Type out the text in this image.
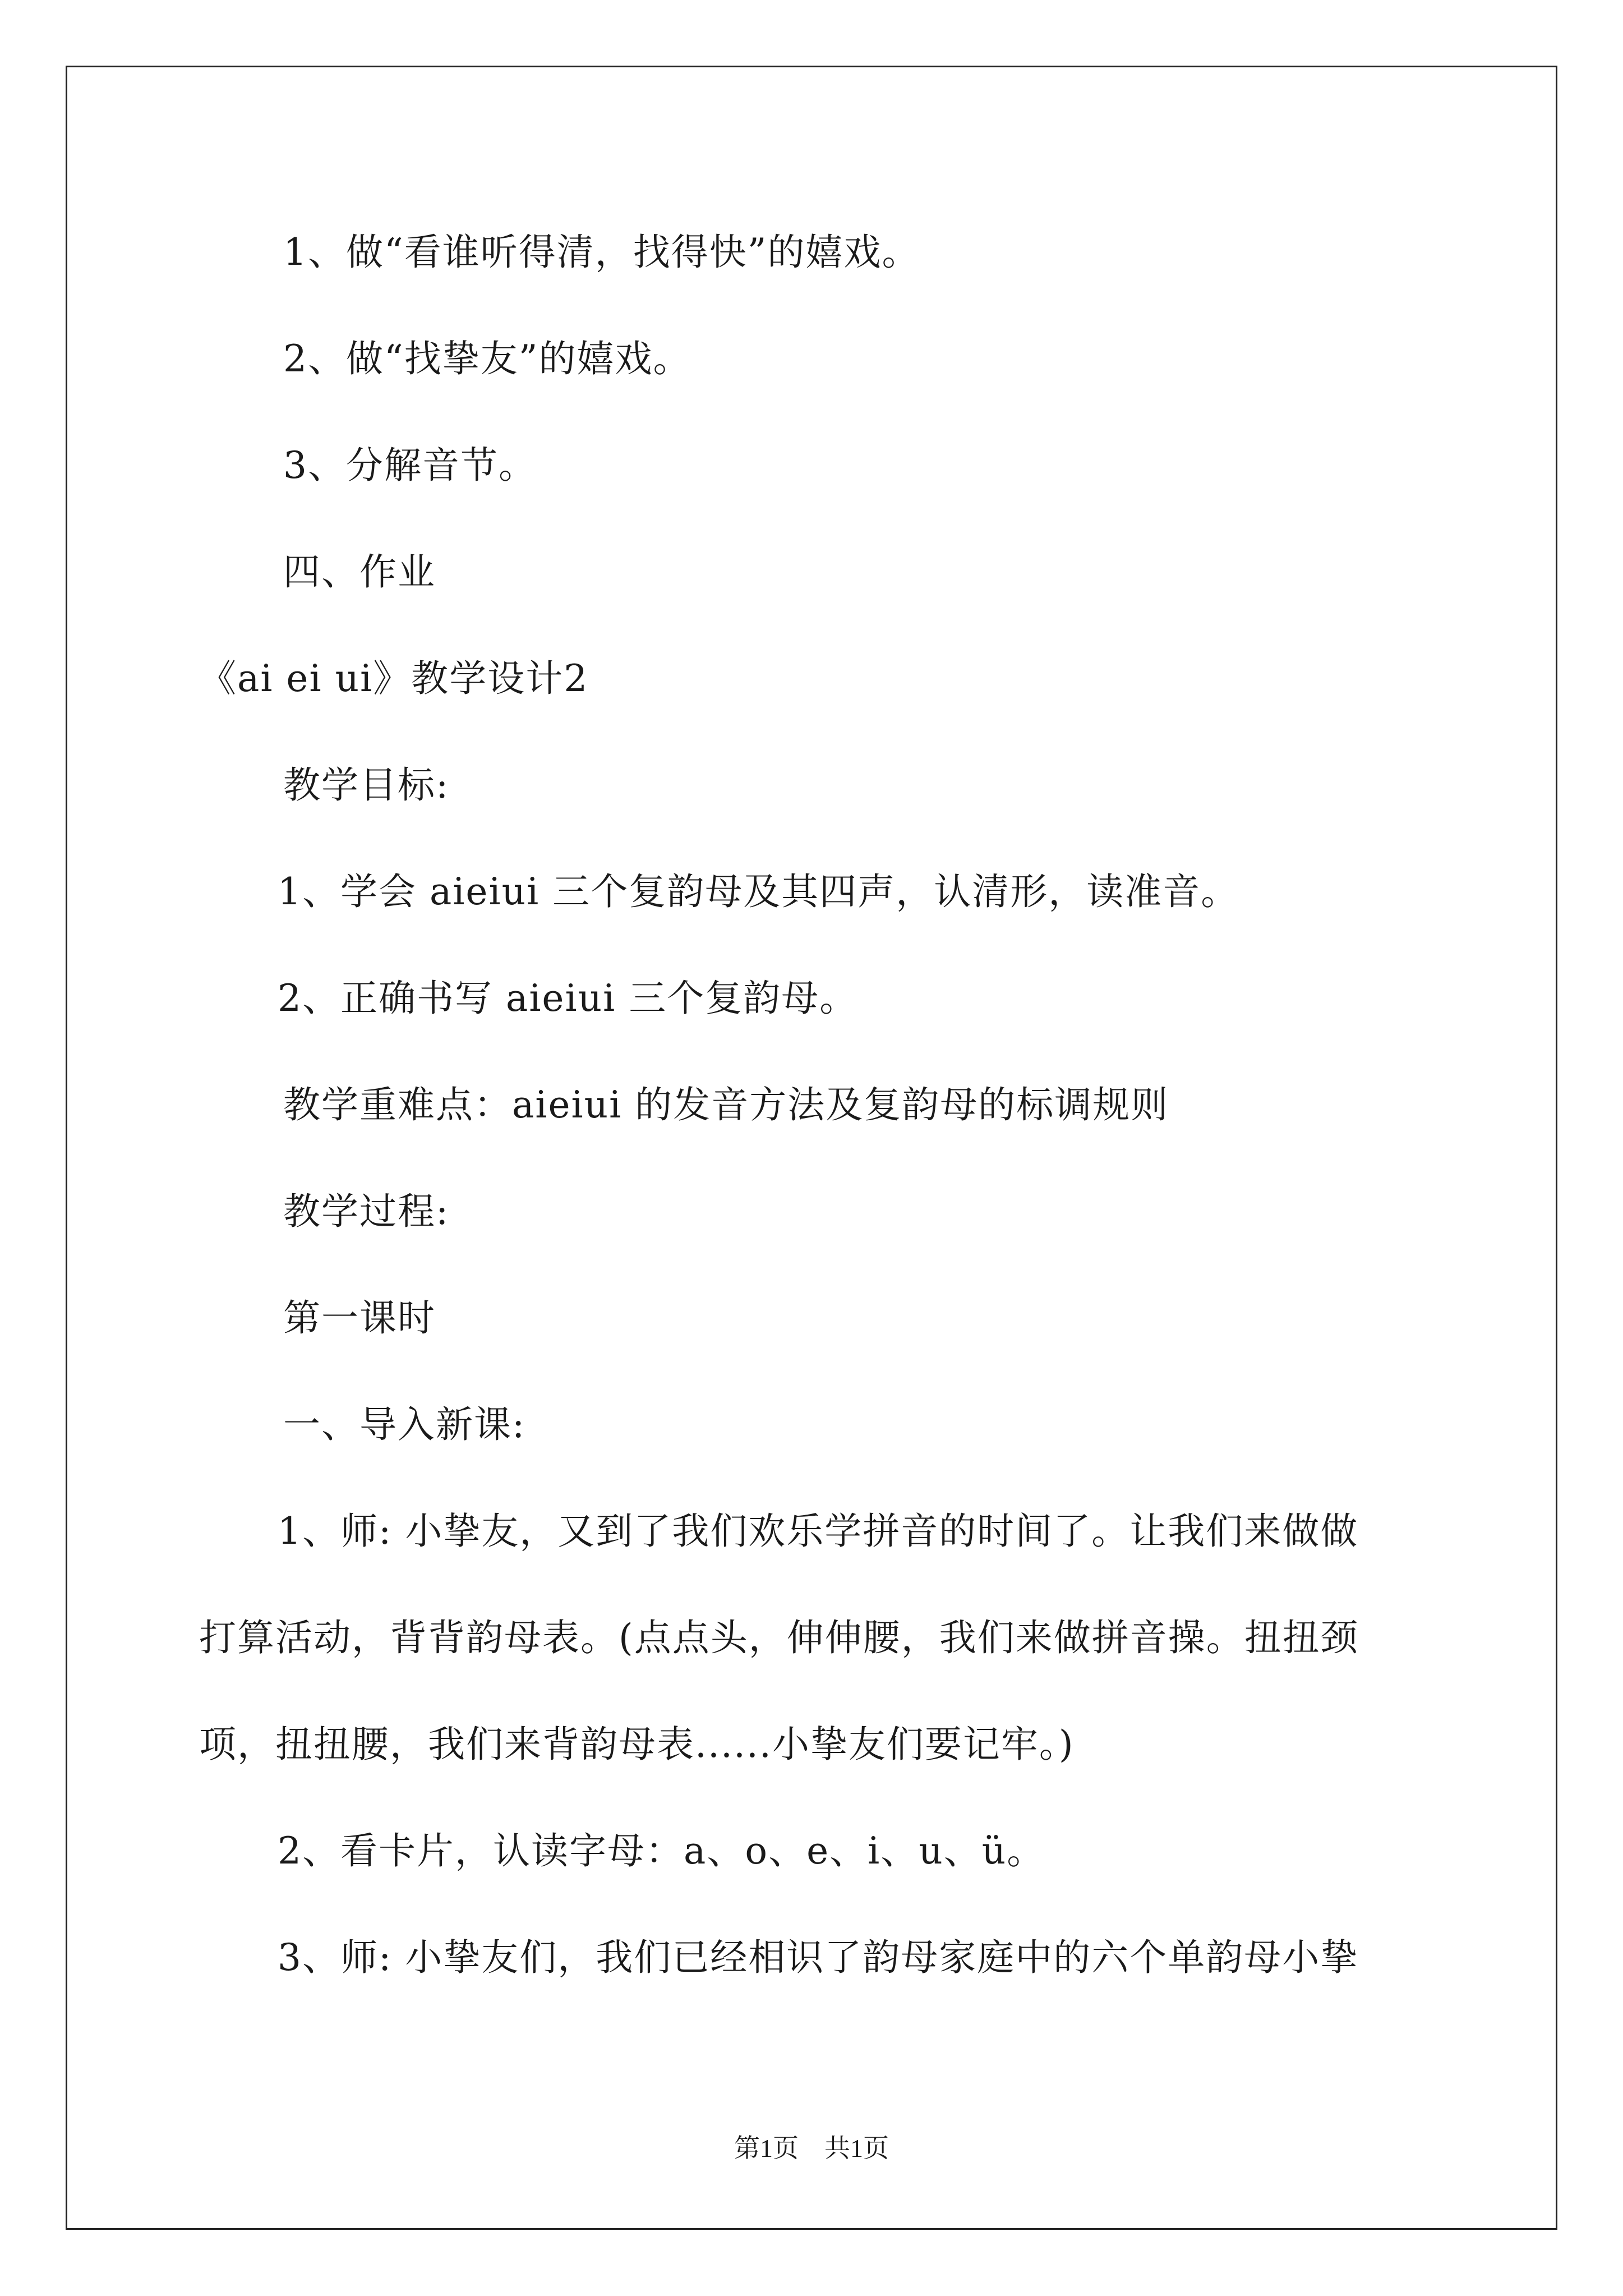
1、做“看谁听得清，找得快”的嬉戏。
2、做“找挚友”的嬉戏。
3、分解音节。
四、作业
《ai ei ui》教学设计2
教学目标:
1、学会 aieiui 三个复韵母及其四声，认清形，读准音。
2、正确书写 aieiui 三个复韵母。
教学重难点：aieiui 的发音方法及复韵母的标调规则
教学过程:
第一课时
一、导入新课:
1、师: 小挚友，又到了我们欢乐学拼音的时间了。让我们来做做
打算活动，背背韵母表。(点点头，伸伸腰，我们来做拼音操。扭扭颈
项，扭扭腰，我们来背韵母表......小挚友们要记牢。)
2、看卡片，认读字母：a、o、e、i、u、ü。
3、师: 小挚友们，我们已经相识了韵母家庭中的六个单韵母小挚
第1页　共1页
